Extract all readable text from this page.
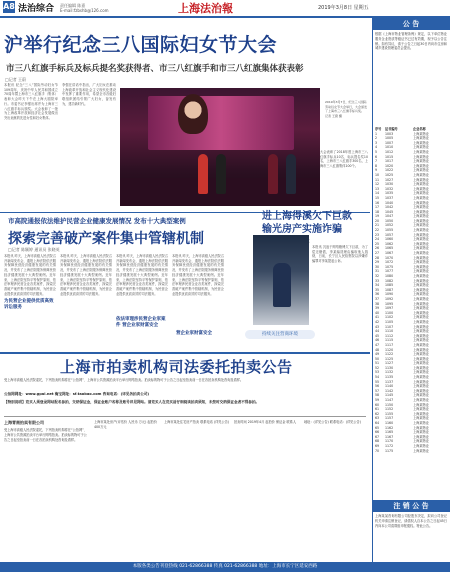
A8 法治综合 责任编辑 陈嘉
E-mail:fzbshb@126.com	上海法治報	2019年3月8日 星期五
沪举行纪念三八国际妇女节大会
市三八红旗手标兵及标兵提名奖获得者、市三八红旗手和市三八红旗集体获表彰
□记者 王蔚
本报讯 纪念“三八”国际劳动妇女节109周年，庆祝中华人民共和国成立70周年暨上海市三八红旗手（集体）表彰大会昨天下午在上海大剧院举行。市委书记李强出席并为上海市三八红旗手标兵颁奖。大会表彰了一批为上海改革开放和经济社会发展做出突出贡献的先进女性和妇女集体。
李强在讲话中指出，广大妇女在推动上海改革开放和社会主义现代化建设中发挥了重要作用，希望全市各级妇联组织团结引领广大妇女，奋发有为，建功新时代。
大会表彰了2018年度上海市三八红旗手标兵10名、标兵提名奖10名，上海市三八红旗手300名，上海市三八红旗集体100个。
2019年3月7日，纪念三八国际劳动妇女节大会举行，大会颁发了上海市三八红旗手标兵奖。
记者 王蔚 摄
市高院通报依法维护民营企业健康发展情况 发布十大典型案例
探索完善破产案件集中管辖机制
□记者 陈颖婷 通讯员 张晓英
本报讯 昨天，上海市高级人民法院召开新闻发布会，通报上海法院依法服务保障民营经济健康发展的有关情况，并发布了上海法院服务保障民营经济健康发展十大典型案例。近年来，上海法院坚持平等保护原则，依法审理涉民营企业各类案件，探索完善破产案件集中管辖机制，为民营企业提供优质高效的司法服务。
为民营企业提供优质高效诉讼服务
本报讯 昨天，上海市高级人民法院召开新闻发布会，通报上海法院依法服务保障民营经济健康发展的有关情况，并发布了上海法院服务保障民营经济健康发展十大典型案例。近年来，上海法院坚持平等保护原则，依法审理涉民营企业各类案件，探索完善破产案件集中管辖机制，为民营企业提供优质高效的司法服务。
本报讯 昨天，上海市高级人民法院召开新闻发布会，通报上海法院依法服务保障民营经济健康发展的有关情况，并发布了上海法院服务保障民营经济健康发展十大典型案例。近年来，上海法院坚持平等保护原则，依法审理涉民营企业各类案件，探索完善破产案件集中管辖机制，为民营企业提供优质高效的司法服务。
本报讯 昨天，上海市高级人民法院召开新闻发布会，通报上海法院依法服务保障民营经济健康发展的有关情况，并发布了上海法院服务保障民营经济健康发展十大典型案例。近年来，上海法院坚持平等保护原则，依法审理涉民营企业各类案件，探索完善破产案件集中管辖机制，为民营企业提供优质高效的司法服务。
营企业家财富安全
依法审理涉民营企业家案件 营企业家财富安全
进上海得溪欠下巨款
输光房产实施诈骗
本报讯 沉迷于网络赌博欠下巨款，为了偿还赌债，李某编造理由骗取他人钱财，日前，长宁区人民检察院以涉嫌诈骗罪对李某提起公诉。
持续关注营商环境
上海市拍卖机构司法委托拍卖公告
受上海市高级人民法院委托，下列拍卖机构将在“公拍网”、上海市公共资源拍卖平台举行网络拍卖。拍卖标的物可于公告之日起至拍卖前一日在各拍卖机构处咨询及看样。
公拍网网址：www.gpai.net 淘宝网址：sf.taobao.com 咨询电话：(详见各拍卖公司)
【特别说明】竞买人须登录网站报名参拍，交纳保证金，保证金账户名称及账号详见网站。请竞买人在竞买前仔细阅读拍卖须知，未按时交纳保证金者不得参拍。
上海青商拍卖有限公司
受上海市高级人民法院委托，下列拍卖机构将在“公拍网”、上海市公共资源拍卖平台举行网络拍卖。拍卖标的物可于公告之日起至拍卖前一日在各拍卖机构处咨询及看样。
上海市某处房产(评估价 人民币 万元) 起拍价 400万元
上海市某处住宅房产拍卖 联系电话 (详见公告) 拍卖时间 2019年4月 起拍价 保证金 联系人	地址：(详见公告) 联系电话：(详见公告)
公 告
根据《上海市物业管理条例》规定，以下单位物业服务企业资质等级证书已过有效期，现予以公告注销。如有异议，请于公告之日起30日内向市住房和城乡建设管理委员会提出。
序号	证书编号	企业名称
1	1003	上海某物业
2	1005	上海某物业
3	1007	上海某物业
4	1010	上海某物业
5	1012	上海某物业
6	1015	上海某物业
7	1017	上海某物业
8	1020	上海某物业
9	1022	上海某物业
10	1025	上海某物业
11	1027	上海某物业
12	1030	上海某物业
13	1032	上海某物业
14	1035	上海某物业
15	1037	上海某物业
16	1040	上海某物业
17	1042	上海某物业
18	1045	上海某物业
19	1047	上海某物业
20	1050	上海某物业
21	1052	上海某物业
22	1055	上海某物业
23	1057	上海某物业
24	1060	上海某物业
25	1062	上海某物业
26	1065	上海某物业
27	1067	上海某物业
28	1070	上海某物业
29	1072	上海某物业
30	1075	上海某物业
31	1077	上海某物业
32	1080	上海某物业
33	1082	上海某物业
34	1085	上海某物业
35	1087	上海某物业
36	1090	上海某物业
37	1092	上海某物业
38	1095	上海某物业
39	1097	上海某物业
40	1100	上海某物业
41	1102	上海某物业
42	1105	上海某物业
43	1107	上海某物业
44	1110	上海某物业
45	1112	上海某物业
46	1115	上海某物业
47	1117	上海某物业
48	1120	上海某物业
49	1122	上海某物业
50	1125	上海某物业
51	1127	上海某物业
52	1130	上海某物业
53	1132	上海某物业
54	1135	上海某物业
55	1137	上海某物业
56	1140	上海某物业
57	1142	上海某物业
58	1145	上海某物业
59	1147	上海某物业
60	1150	上海某物业
61	1152	上海某物业
62	1155	上海某物业
63	1157	上海某物业
64	1160	上海某物业
65	1162	上海某物业
66	1165	上海某物业
67	1167	上海某物业
68	1170	上海某物业
69	1172	上海某物业
70	1175	上海某物业
注 销 公 告
上海某某咨询有限公司经股东决定，拟向公司登记机关申请注销登记，请债权人自本公告之日起45日内向本公司清算组申报债权。特此公告。
本版各类公告刊登热线 021-62866388 传真 021-62866388 地址：上海市长宁区延安西路
